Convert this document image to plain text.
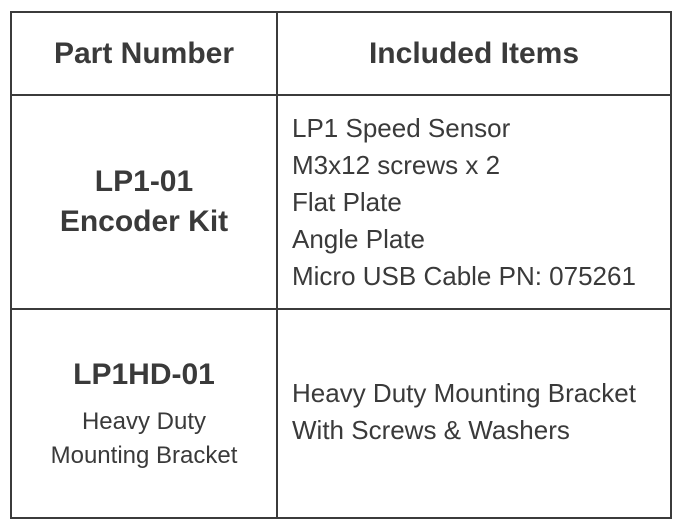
Part Number	Included Items
LP1-01
Encoder Kit
LP1 Speed Sensor
M3x12 screws x 2
Flat Plate
Angle Plate
Micro USB Cable PN: 075261
LP1HD-01
Heavy Duty
Mounting Bracket
Heavy Duty Mounting Bracket
With Screws & Washers
